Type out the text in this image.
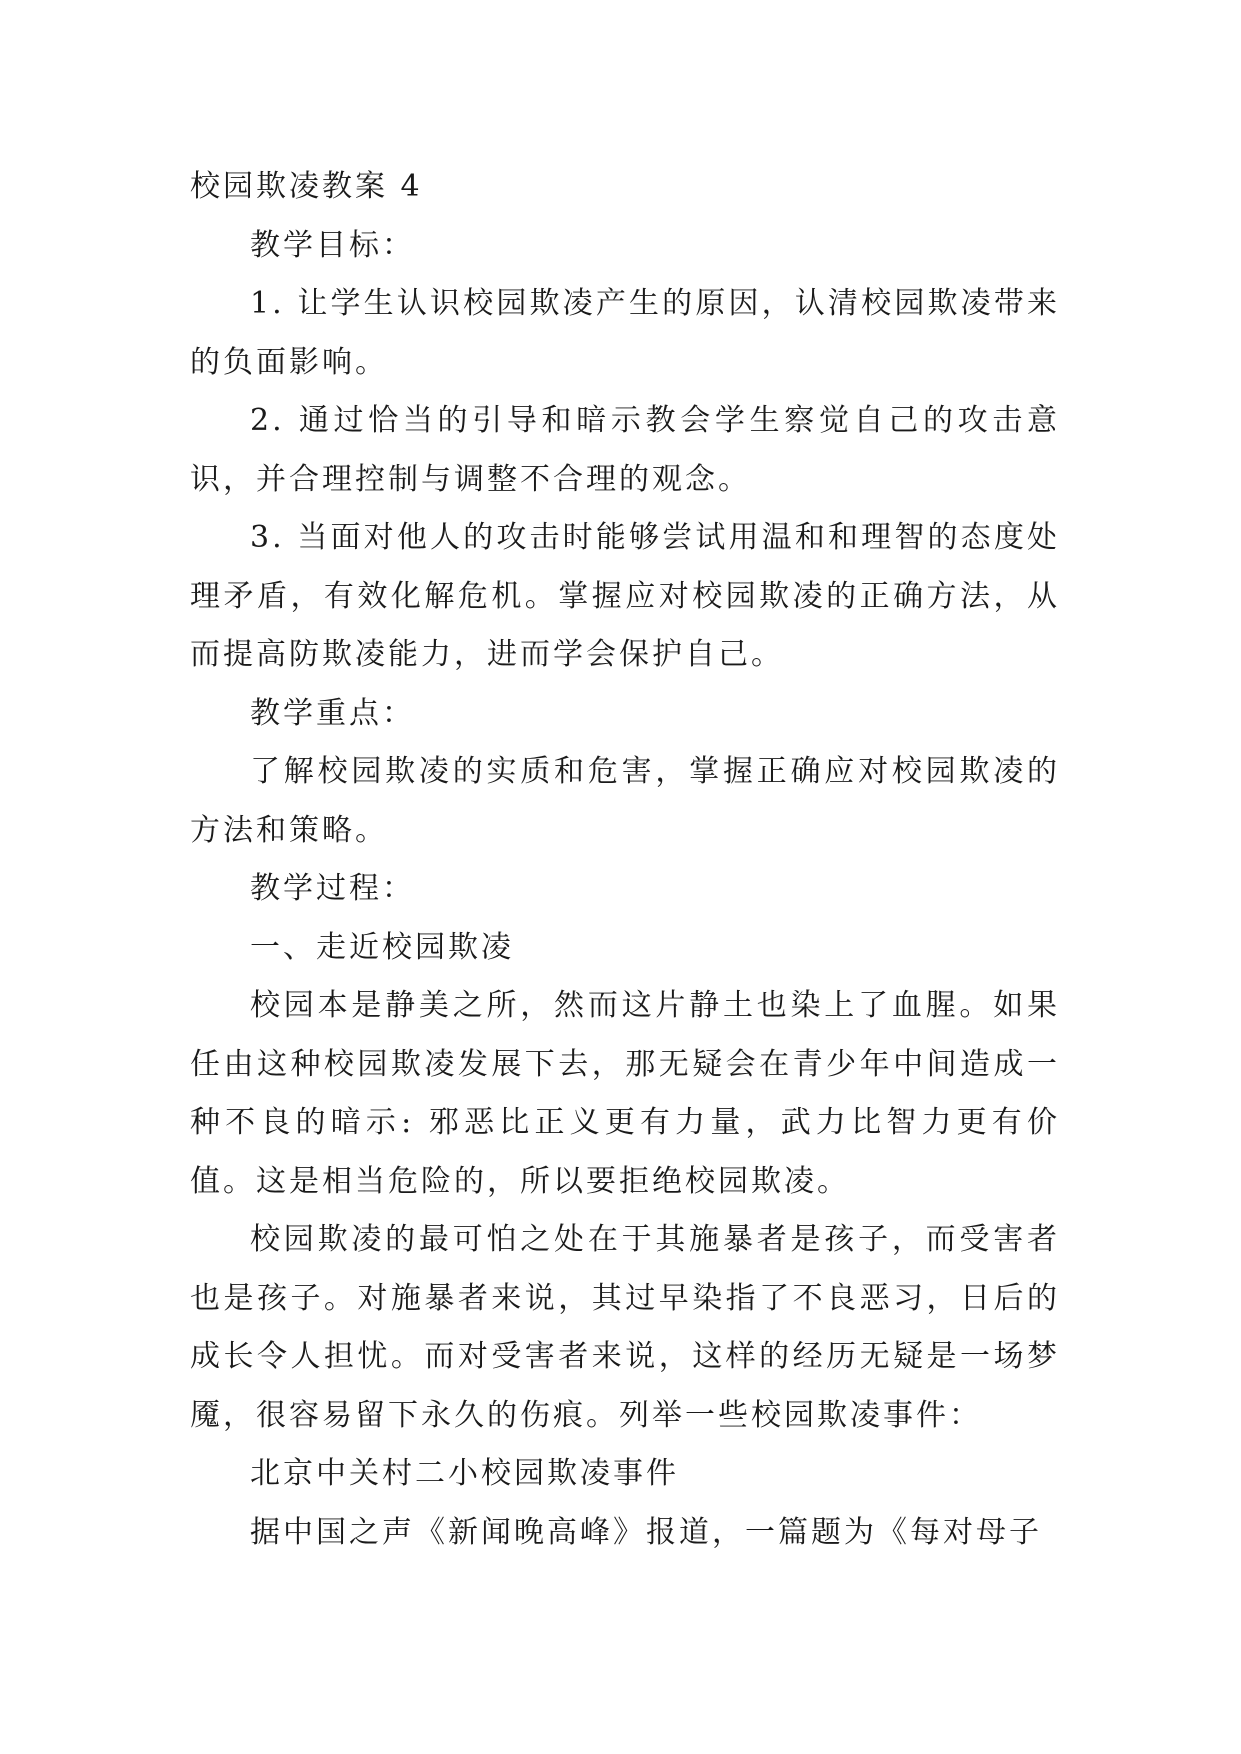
校园欺凌教案 4

教学目标：

1. 让学生认识校园欺凌产生的原因，认清校园欺凌带来的负面影响。

2. 通过恰当的引导和暗示教会学生察觉自己的攻击意识，并合理控制与调整不合理的观念。

3. 当面对他人的攻击时能够尝试用温和和理智的态度处理矛盾，有效化解危机。掌握应对校园欺凌的正确方法，从而提高防欺凌能力，进而学会保护自己。

教学重点：

了解校园欺凌的实质和危害，掌握正确应对校园欺凌的方法和策略。

教学过程：

一、走近校园欺凌

校园本是静美之所，然而这片静土也染上了血腥。如果任由这种校园欺凌发展下去，那无疑会在青少年中间造成一种不良的暗示: 邪恶比正义更有力量，武力比智力更有价值。这是相当危险的，所以要拒绝校园欺凌。

校园欺凌的最可怕之处在于其施暴者是孩子，而受害者也是孩子。对施暴者来说，其过早染指了不良恶习，日后的成长令人担忧。而对受害者来说，这样的经历无疑是一场梦魇，很容易留下永久的伤痕。列举一些校园欺凌事件：

北京中关村二小校园欺凌事件

据中国之声《新闻晚高峰》报道，一篇题为《每对母子
